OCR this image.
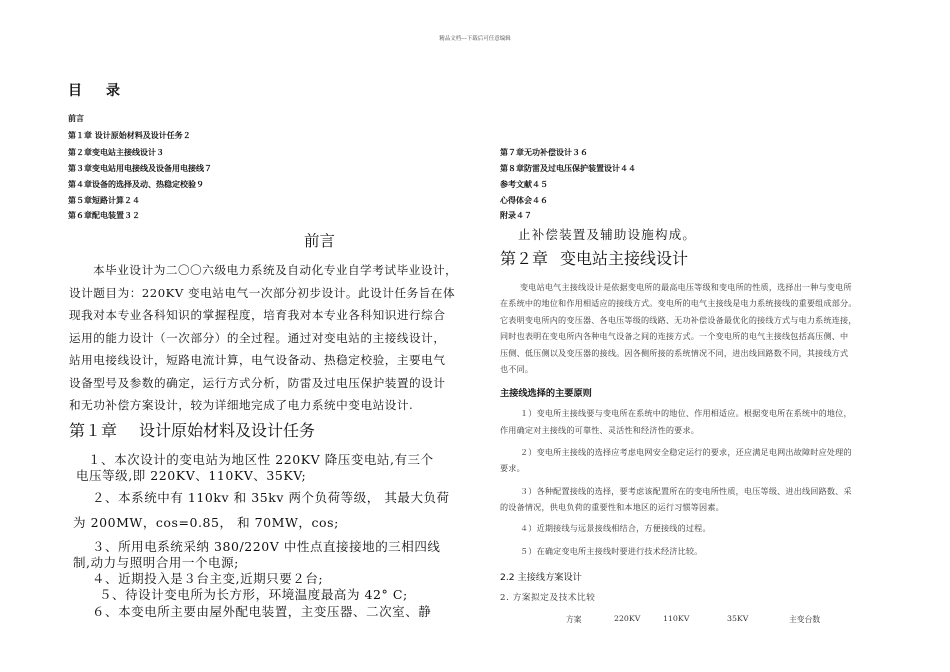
精品文档---下载后可任意编辑
目录
前言
第１章 设计原始材料及设计任务２
第２章变电站主接线设计３
第３章变电站用电接线及设备用电接线７
第４章设备的选择及动、热稳定校验９
第５章短路计算２４
第６章配电装置３２
第７章无功补偿设计３６
第８章防雷及过电压保护装置设计４４
参考文献４５
心得体会４６
附录４７
前言
本毕业设计为二〇〇六级电力系统及自动化专业自学考试毕业设计，
设计题目为：220KV 变电站电气一次部分初步设计。此设计任务旨在体
现我对本专业各科知识的掌握程度，培育我对本专业各科知识进行综合
运用的能力设计（一次部分）的全过程。通过对变电站的主接线设计，
站用电接线设计，短路电流计算，电气设备动、热稳定校验，主要电气
设备型号及参数的确定，运行方式分析，防雷及过电压保护装置的设计
和无功补偿方案设计，较为详细地完成了电力系统中变电站设计.
第１章 设计原始材料及设计任务
１、本次设计的变电站为地区性 220KV 降压变电站,有三个
电压等级,即 220KV、110KV、35KV;
２、本系统中有 110kv 和 35kv 两个负荷等级， 其最大负荷
为 200MW，cos=0.85， 和 70MW，cos;
３、所用电系统采纳 380/220V 中性点直接接地的三相四线
制,动力与照明合用一个电源;
４、近期投入是３台主变,近期只要２台;
５、待设计变电所为长方形，环境温度最高为 42° C;
６、本变电所主要由屋外配电装置，主变压器、二次室、静
止补偿装置及辅助设施构成。
第２章 变电站主接线设计
变电站电气主接线设计是依据变电所的最高电压等级和变电所的性质，选择出一种与变电所
在系统中的地位和作用相适应的接线方式。变电所的电气主接线是电力系统接线的重要组成部分。
它表明变电所内的变压器、各电压等级的线路、无功补偿设备最优化的接线方式与电力系统连接，
同时也表明在变电所内各种电气设备之间的连接方式。一个变电所的电气主接线包括高压侧、中
压侧、低压侧以及变压器的接线。因各侧所接的系统情况不同，进出线回路数不同，其接线方式
也不同。
主接线选择的主要原则
１）变电所主接线要与变电所在系统中的地位、作用相适应。根据变电所在系统中的地位，
作用确定对主接线的可靠性、灵活性和经济性的要求。
２）变电所主接线的选择应考虑电网安全稳定运行的要求，还应满足电网出故障时应处理的
要求。
３）各种配置接线的选择，要考虑该配置所在的变电所性质，电压等级、进出线回路数、采
的设备情况，供电负荷的重要性和本地区的运行习惯等因素。
４）近期接线与远景接线相结合，方便接线的过程。
５）在确定变电所主接线时要进行技术经济比较。
2.2 主接线方案设计
2. 方案拟定及技术比较
方案	220KV	110KV	35KV	主变台数
